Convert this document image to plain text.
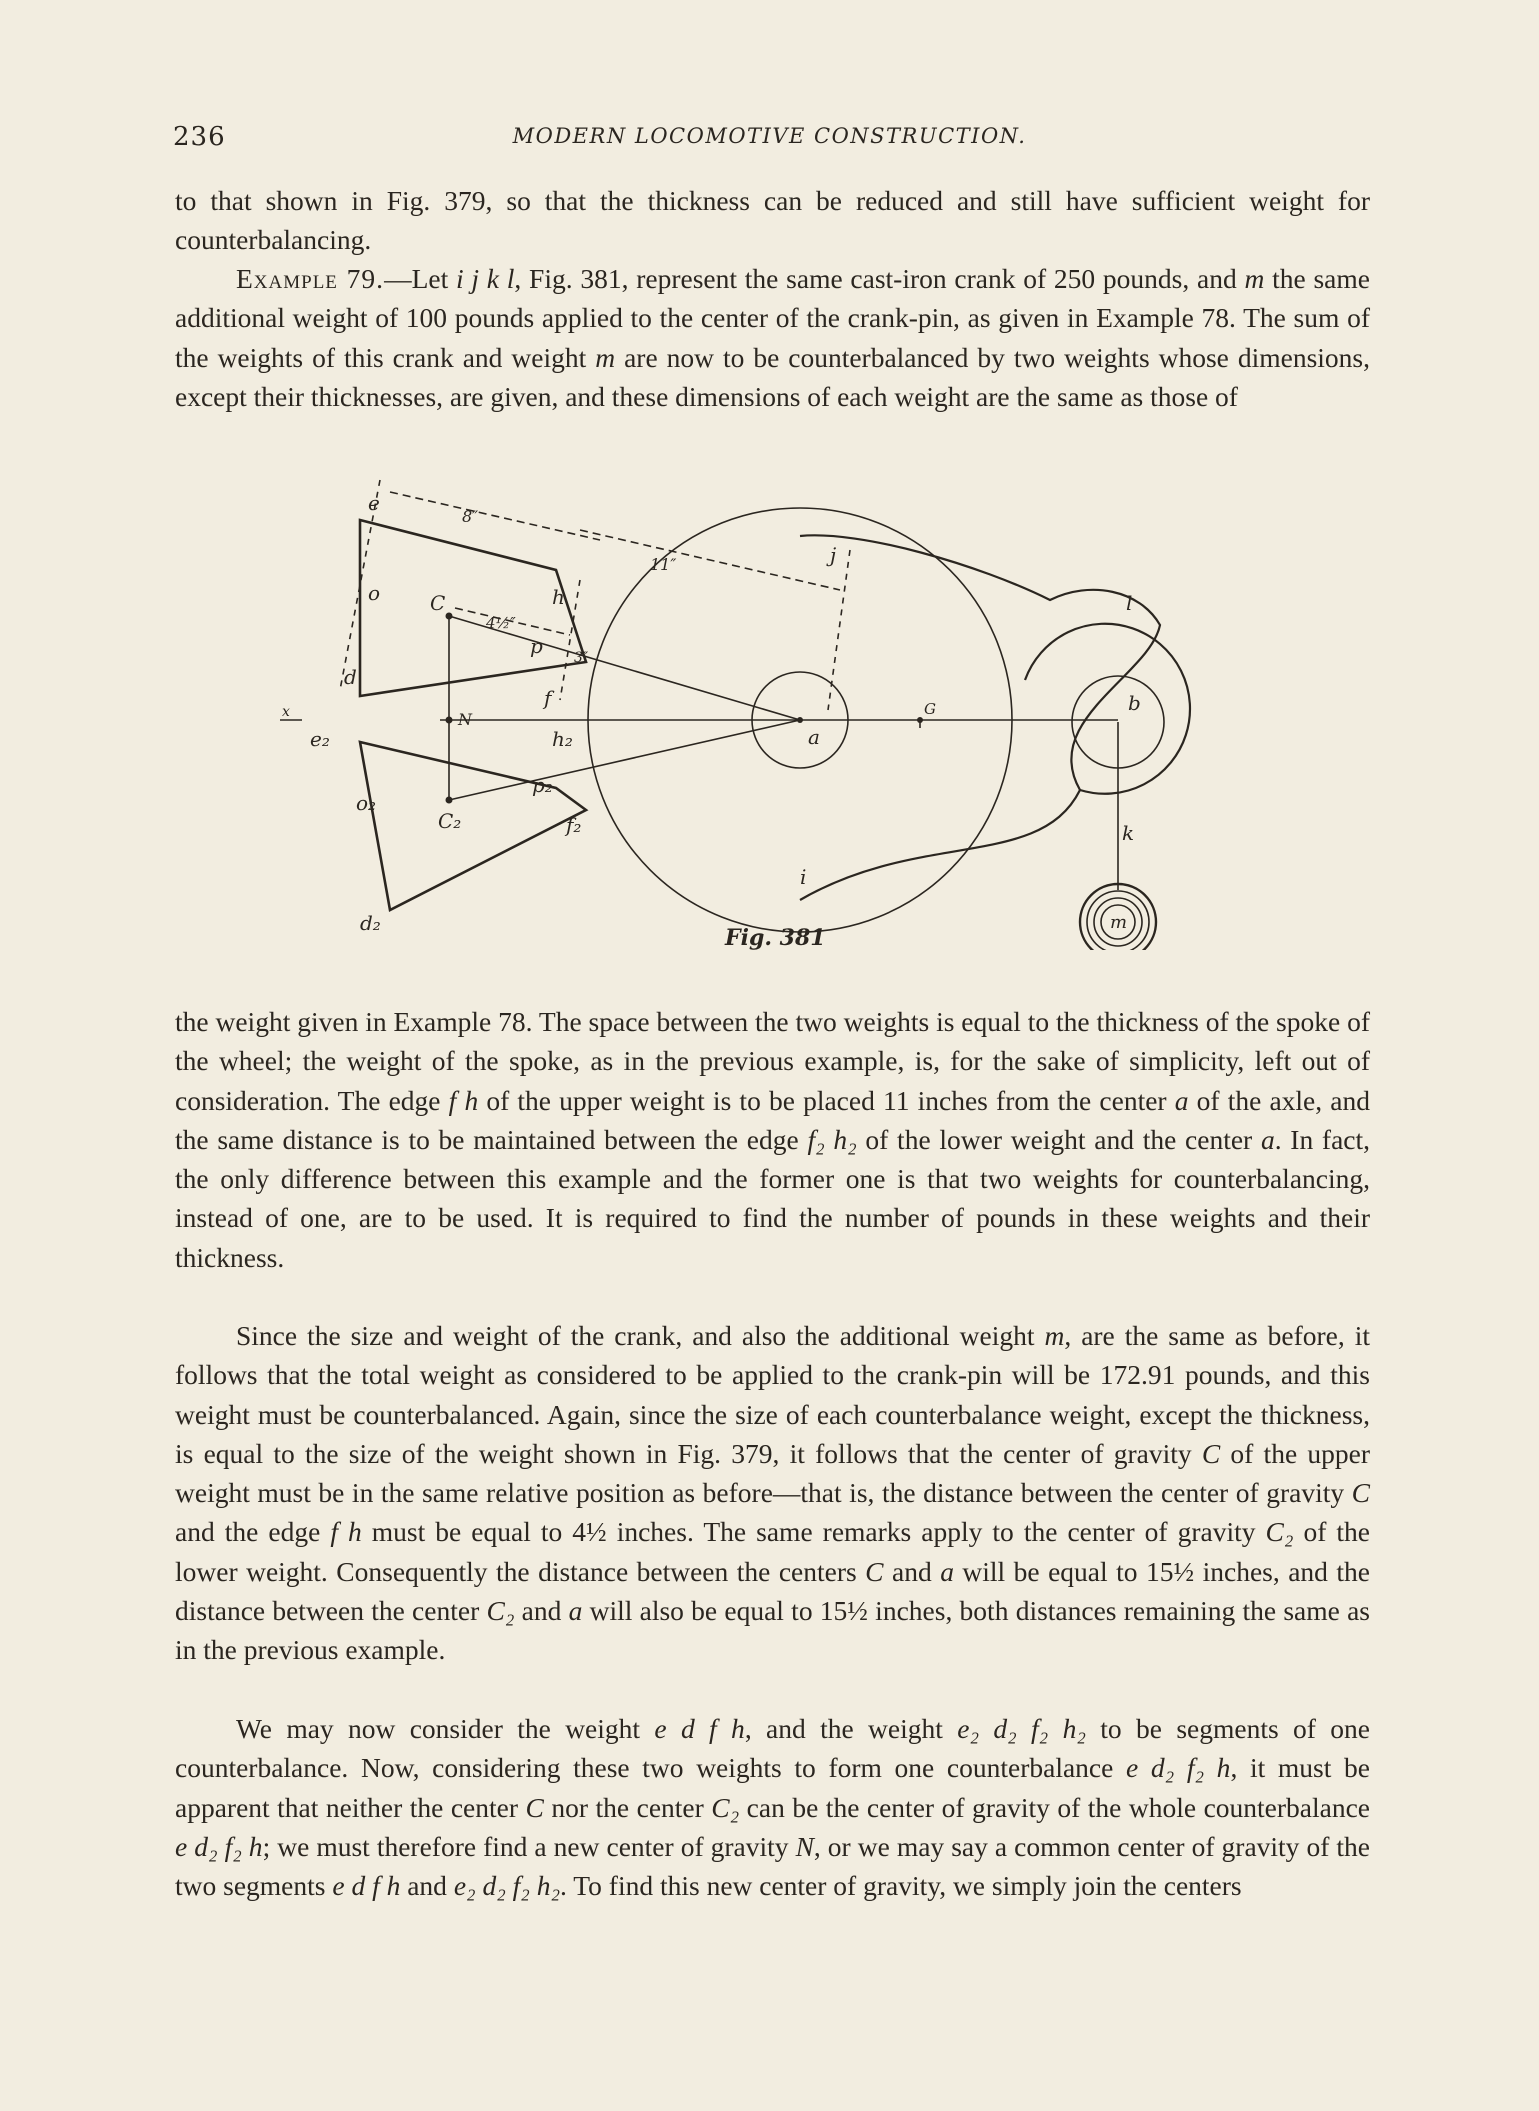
236	MODERN LOCOMOTIVE CONSTRUCTION.

to that shown in Fig. 379, so that the thickness can be reduced and still have sufficient weight for counterbalancing.

Example 79.—Let i j k l, Fig. 381, represent the same cast-iron crank of 250 pounds, and m the same additional weight of 100 pounds applied to the center of the crank-pin, as given in Example 78. The sum of the weights of this crank and weight m are now to be counterbalanced by two weights whose dimensions, except their thicknesses, are given, and these dimensions of each weight are the same as those of

e
o
d
C	h
p
f
j
l
b
a
G
k
i
m
N
e₂	h₂
p₂
o₂
C₂	f₂
d₂
x
8″
11″
4½″
3″
Fig. 381

the weight given in Example 78. The space between the two weights is equal to the thickness of the spoke of the wheel; the weight of the spoke, as in the previous example, is, for the sake of simplicity, left out of consideration. The edge f h of the upper weight is to be placed 11 inches from the center a of the axle, and the same distance is to be maintained between the edge f₂ h₂ of the lower weight and the center a. In fact, the only difference between this example and the former one is that two weights for counterbalancing, instead of one, are to be used. It is required to find the number of pounds in these weights and their thickness.

Since the size and weight of the crank, and also the additional weight m, are the same as before, it follows that the total weight as considered to be applied to the crank-pin will be 172.91 pounds, and this weight must be counterbalanced. Again, since the size of each counterbalance weight, except the thickness, is equal to the size of the weight shown in Fig. 379, it follows that the center of gravity C of the upper weight must be in the same relative position as before—that is, the distance between the center of gravity C and the edge f h must be equal to 4½ inches. The same remarks apply to the center of gravity C₂ of the lower weight. Consequently the distance between the centers C and a will be equal to 15½ inches, and the distance between the center C₂ and a will also be equal to 15½ inches, both distances remaining the same as in the previous example.

We may now consider the weight e d f h, and the weight e₂ d₂ f₂ h₂ to be segments of one counterbalance. Now, considering these two weights to form one counterbalance e d₂ f₂ h, it must be apparent that neither the center C nor the center C₂ can be the center of gravity of the whole counterbalance e d₂ f₂ h; we must therefore find a new center of gravity N, or we may say a common center of gravity of the two segments e d f h and e₂ d₂ f₂ h₂. To find this new center of gravity, we simply join the centers
